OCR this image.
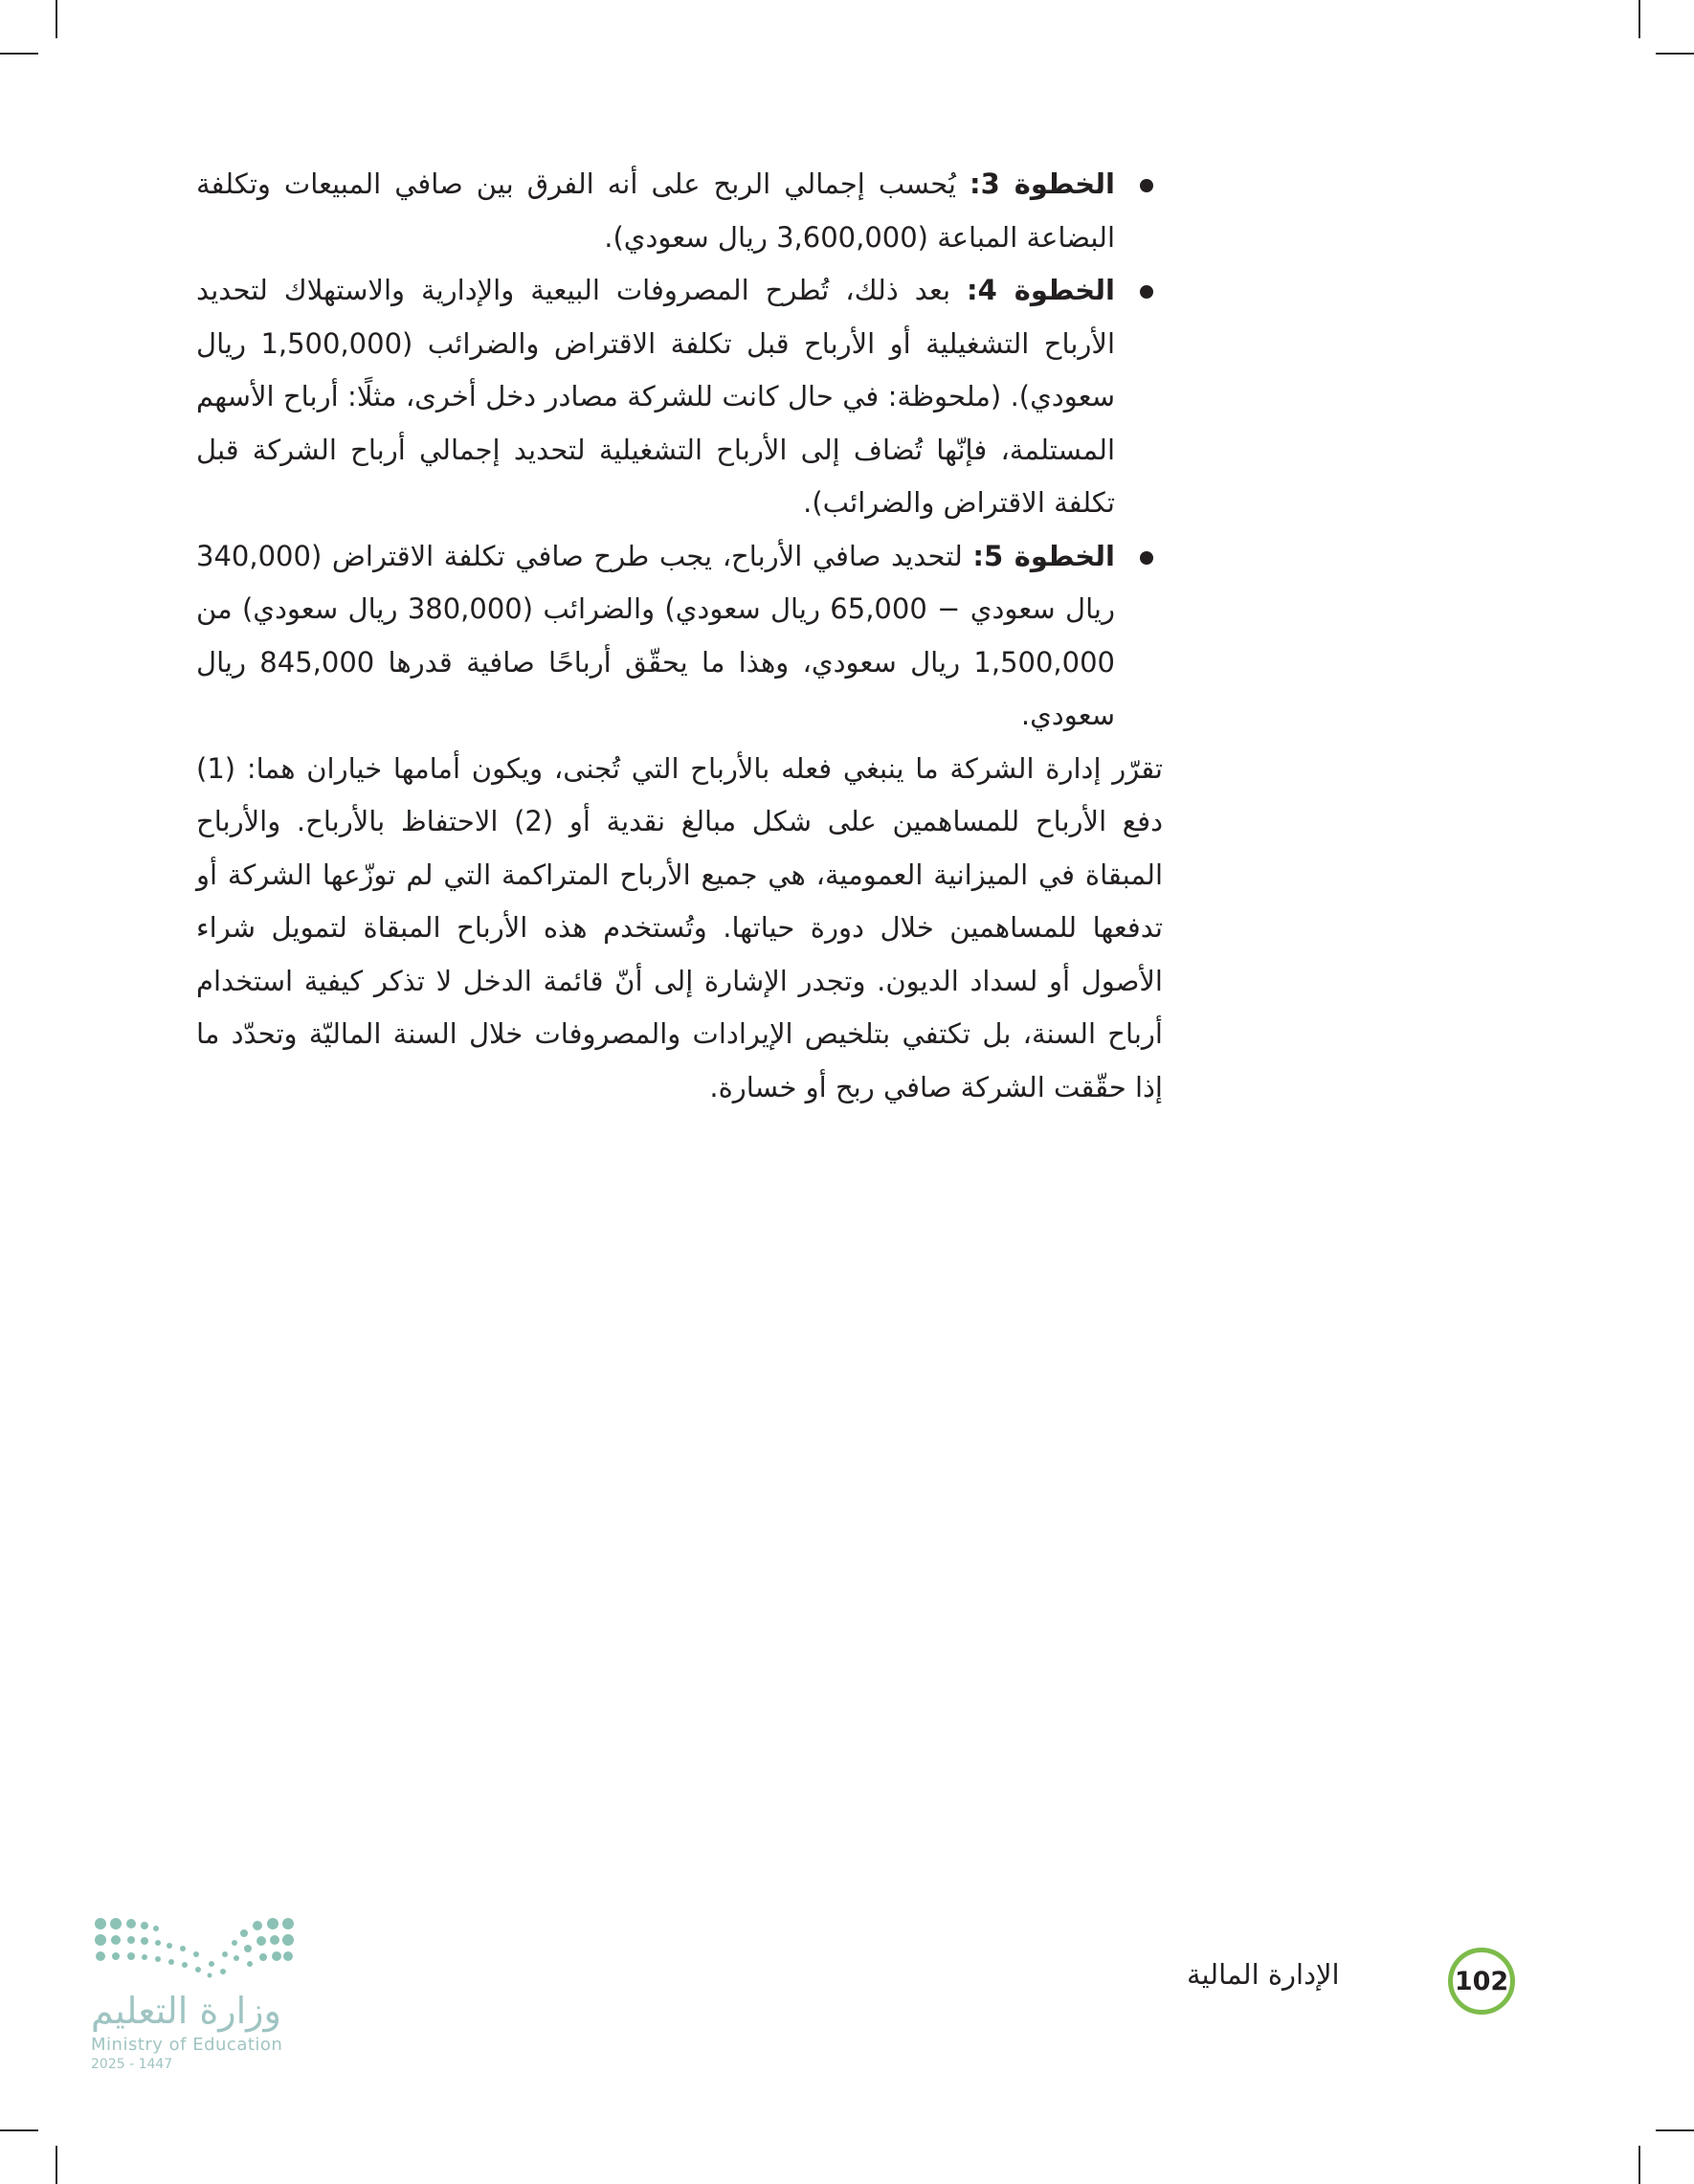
الخطوة 3: يُحسب إجمالي الربح على أنه الفرق بين صافي المبيعات وتكلفة البضاعة المباعة (3,600,000 ريال سعودي).
الخطوة 4: بعد ذلك، تُطرح المصروفات البيعية والإدارية والاستهلاك لتحديد الأرباح التشغيلية أو الأرباح قبل تكلفة الاقتراض والضرائب (1,500,000 ريال سعودي). (ملحوظة: في حال كانت للشركة مصادر دخل أخرى، مثلًا: أرباح الأسهم المستلمة، فإنّها تُضاف إلى الأرباح التشغيلية لتحديد إجمالي أرباح الشركة قبل تكلفة الاقتراض والضرائب).
الخطوة 5: لتحديد صافي الأرباح، يجب طرح صافي تكلفة الاقتراض (340,000 ريال سعودي − 65,000 ريال سعودي) والضرائب (380,000 ريال سعودي) من 1,500,000 ريال سعودي، وهذا ما يحقّق أرباحًا صافية قدرها 845,000 ريال سعودي.

تقرّر إدارة الشركة ما ينبغي فعله بالأرباح التي تُجنى، ويكون أمامها خياران هما: (1) دفع الأرباح للمساهمين على شكل مبالغ نقدية أو (2) الاحتفاظ بالأرباح. والأرباح المبقاة في الميزانية العمومية، هي جميع الأرباح المتراكمة التي لم توزّعها الشركة أو تدفعها للمساهمين خلال دورة حياتها. وتُستخدم هذه الأرباح المبقاة لتمويل شراء الأصول أو لسداد الديون. وتجدر الإشارة إلى أنّ قائمة الدخل لا تذكر كيفية استخدام أرباح السنة، بل تكتفي بتلخيص الإيرادات والمصروفات خلال السنة الماليّة وتحدّد ما إذا حقّقت الشركة صافي ربح أو خسارة.

102
الإدارة المالية
وزارة التعليم
Ministry of Education
2025 - 1447
